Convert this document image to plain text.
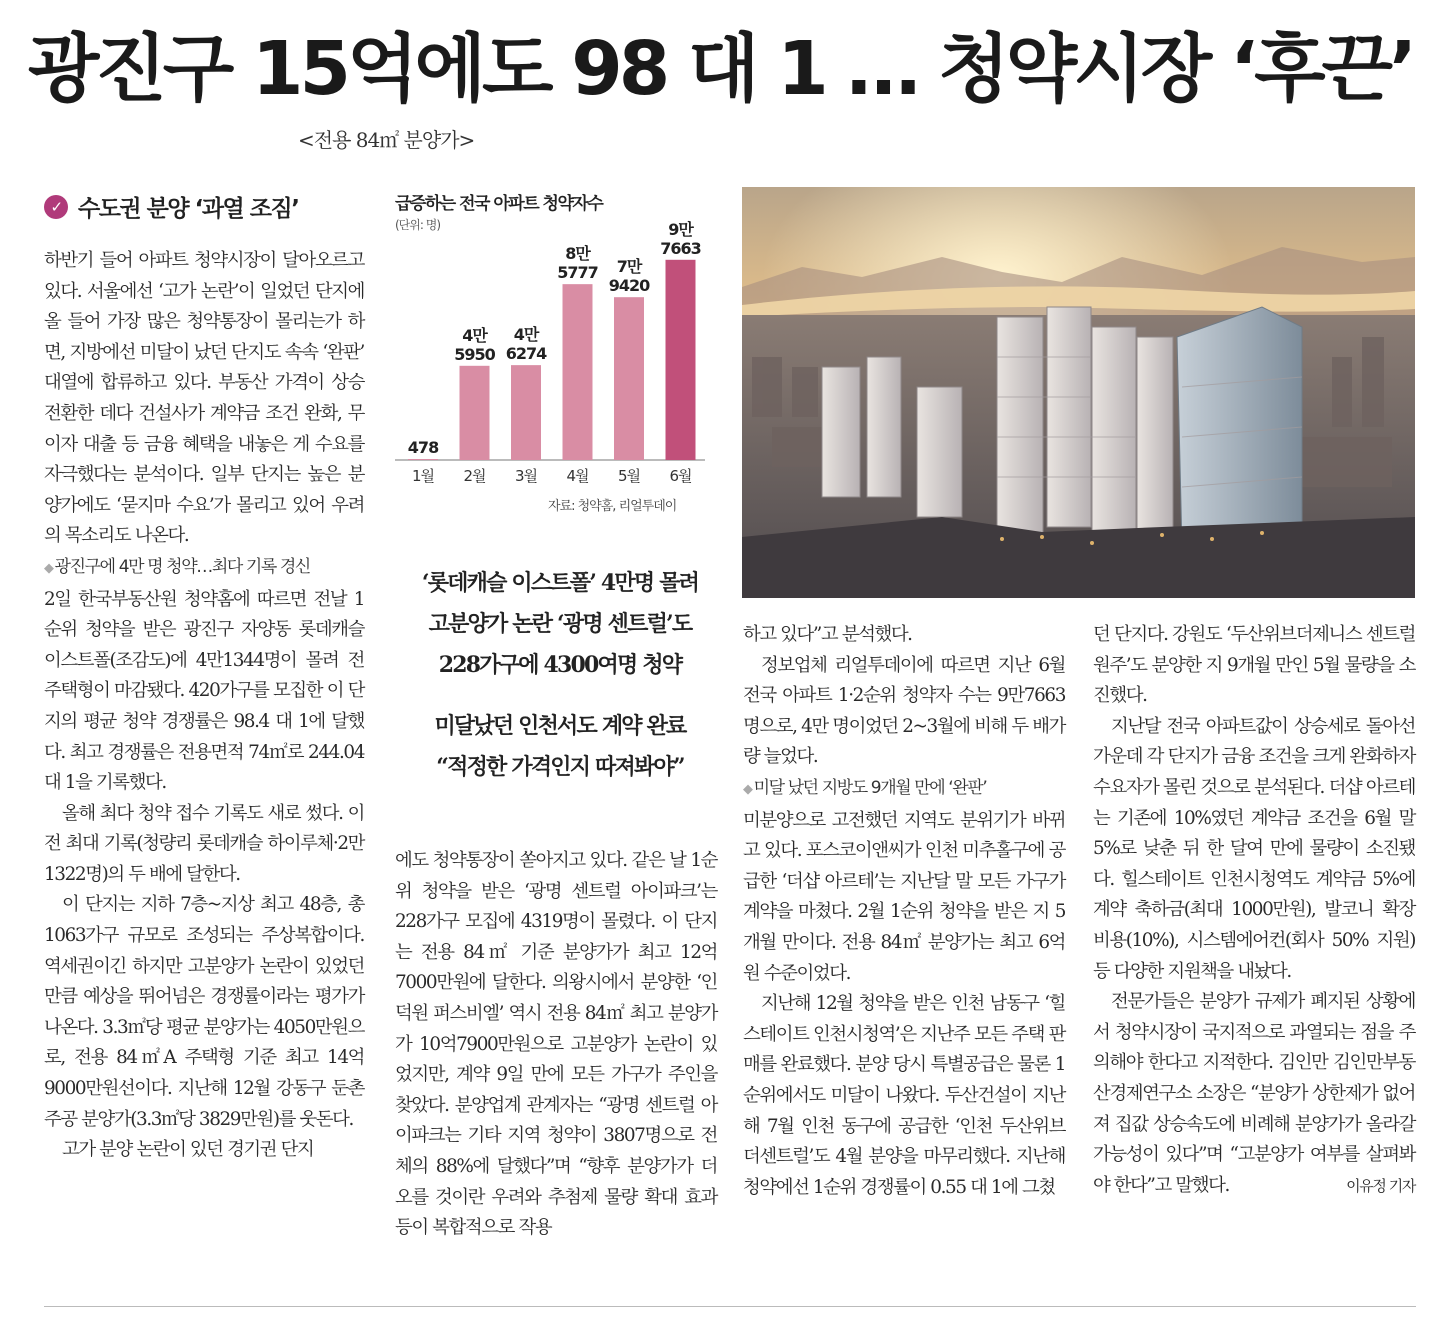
광진구 15억에도 98 대 1 … 청약시장 ‘후끈’
<전용 84㎡ 분양가>
✓ 수도권 분양 ‘과열 조짐’

하반기 들어 아파트 청약시장이 달아오르고 있다. 서울에선 ‘고가 논란’이 일었던 단지에 올 들어 가장 많은 청약통장이 몰리는가 하면, 지방에선 미달이 났던 단지도 속속 ‘완판’ 대열에 합류하고 있다. 부동산 가격이 상승 전환한 데다 건설사가 계약금 조건 완화, 무이자 대출 등 금융 혜택을 내놓은 게 수요를 자극했다는 분석이다. 일부 단지는 높은 분양가에도 ‘묻지마 수요’가 몰리고 있어 우려의 목소리도 나온다.

◆ 광진구에 4만 명 청약…최다 기록 경신

2일 한국부동산원 청약홈에 따르면 전날 1순위 청약을 받은 광진구 자양동 롯데캐슬 이스트폴(조감도)에 4만1344명이 몰려 전 주택형이 마감됐다. 420가구를 모집한 이 단지의 평균 청약 경쟁률은 98.4 대 1에 달했다. 최고 경쟁률은 전용면적 74㎡로 244.04 대 1을 기록했다.

올해 최다 청약 접수 기록도 새로 썼다. 이전 최대 기록(청량리 롯데캐슬 하이루체·2만1322명)의 두 배에 달한다.

이 단지는 지하 7층~지상 최고 48층, 총 1063가구 규모로 조성되는 주상복합이다. 역세권이긴 하지만 고분양가 논란이 있었던 만큼 예상을 뛰어넘은 경쟁률이라는 평가가 나온다. 3.3㎡당 평균 분양가는 4050만원으로, 전용 84㎡A 주택형 기준 최고 14억9000만원선이다. 지난해 12월 강동구 둔촌주공 분양가(3.3㎡당 3829만원)를 웃돈다.

고가 분양 논란이 있던 경기권 단지

급증하는 전국 아파트 청약자수
(단위: 명)
478
1월
4만
5950
2월
4만
6274
3월
8만
5777
4월
7만
9420
5월
9만
7663
6월
자료: 청약홈, 리얼투데이
‘롯데캐슬 이스트폴’ 4만명 몰려
고분양가 논란 ‘광명 센트럴’도
228가구에 4300여명 청약
미달났던 인천서도 계약 완료
“적정한 가격인지 따져봐야”

에도 청약통장이 쏟아지고 있다. 같은 날 1순위 청약을 받은 ‘광명 센트럴 아이파크’는 228가구 모집에 4319명이 몰렸다. 이 단지는 전용 84㎡ 기준 분양가가 최고 12억7000만원에 달한다. 의왕시에서 분양한 ‘인덕원 퍼스비엘’ 역시 전용 84㎡ 최고 분양가가 10억7900만원으로 고분양가 논란이 있었지만, 계약 9일 만에 모든 가구가 주인을 찾았다. 분양업계 관계자는 “광명 센트럴 아이파크는 기타 지역 청약이 3807명으로 전체의 88%에 달했다”며 “향후 분양가가 더 오를 것이란 우려와 추첨제 물량 확대 효과 등이 복합적으로 작용

하고 있다”고 분석했다.

정보업체 리얼투데이에 따르면 지난 6월 전국 아파트 1·2순위 청약자 수는 9만7663명으로, 4만 명이었던 2~3월에 비해 두 배가량 늘었다.

◆ 미달 났던 지방도 9개월 만에 ‘완판’

미분양으로 고전했던 지역도 분위기가 바뀌고 있다. 포스코이앤씨가 인천 미추홀구에 공급한 ‘더샵 아르테’는 지난달 말 모든 가구가 계약을 마쳤다. 2월 1순위 청약을 받은 지 5개월 만이다. 전용 84㎡ 분양가는 최고 6억원 수준이었다.

지난해 12월 청약을 받은 인천 남동구 ‘힐스테이트 인천시청역’은 지난주 모든 주택 판매를 완료했다. 분양 당시 특별공급은 물론 1순위에서도 미달이 나왔다. 두산건설이 지난해 7월 인천 동구에 공급한 ‘인천 두산위브 더센트럴’도 4월 분양을 마무리했다. 지난해 청약에선 1순위 경쟁률이 0.55 대 1에 그쳤

던 단지다. 강원도 ‘두산위브더제니스 센트럴원주’도 분양한 지 9개월 만인 5월 물량을 소진했다.

지난달 전국 아파트값이 상승세로 돌아선 가운데 각 단지가 금융 조건을 크게 완화하자 수요자가 몰린 것으로 분석된다. 더샵 아르테는 기존에 10%였던 계약금 조건을 6월 말 5%로 낮춘 뒤 한 달여 만에 물량이 소진됐다. 힐스테이트 인천시청역도 계약금 5%에 계약 축하금(최대 1000만원), 발코니 확장 비용(10%), 시스템에어컨(회사 50% 지원) 등 다양한 지원책을 내놨다.

전문가들은 분양가 규제가 폐지된 상황에서 청약시장이 국지적으로 과열되는 점을 주의해야 한다고 지적한다. 김인만 김인만부동산경제연구소 소장은 “분양가 상한제가 없어져 집값 상승속도에 비례해 분양가가 올라갈 가능성이 있다”며 “고분양가 여부를 살펴봐야 한다”고 말했다.	이유정 기자
